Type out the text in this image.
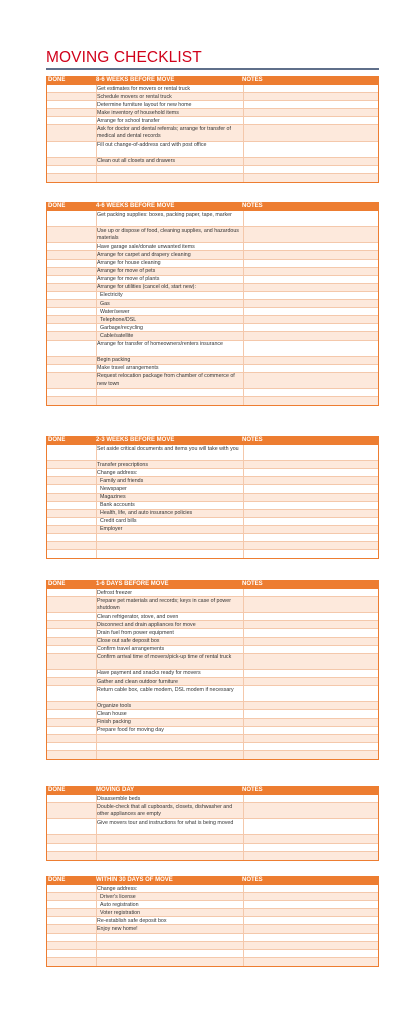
MOVING CHECKLIST
DONE	8-6 WEEKS BEFORE MOVE	NOTES
Get estimates for movers or rental truck
Schedule movers or rental truck
Determine furniture layout for new home
Make inventory of household items
Arrange for school transfer
Ask for doctor and dental referrals; arrange for transfer of medical and dental records
Fill out change-of-address card with post office
Clean out all closets and drawers
DONE	4-6 WEEKS BEFORE MOVE	NOTES
Get packing supplies: boxes, packing paper, tape, marker
Use up or dispose of food, cleaning supplies, and hazardous materials
Have garage sale/donate unwanted items
Arrange for carpet and drapery cleaning
Arrange for house cleaning
Arrange for move of pets
Arrange for move of plants
Arrange for utilities (cancel old, start new):
Electricity
Gas
Water/sewer
Telephone/DSL
Garbage/recycling
Cable/satellite
Arrange for transfer of homeowners/renters insurance
Begin packing
Make travel arrangements
Request relocation package from chamber of commerce of new town
DONE	2-3 WEEKS BEFORE MOVE	NOTES
Set aside critical documents and items you will take with you
Transfer prescriptions
Change address:
Family and friends
Newspaper
Magazines
Bank accounts
Health, life, and auto insurance policies
Credit card bills
Employer
DONE	1-6 DAYS BEFORE MOVE	NOTES
Defrost freezer
Prepare pet materials and records; keys in case of power shutdown
Clean refrigerator, stove, and oven
Disconnect and drain appliances for move
Drain fuel from power equipment
Close out safe deposit box
Confirm travel arrangements
Confirm arrival time of movers/pick-up time of rental truck
Have payment and snacks ready for movers
Gather and clean outdoor furniture
Return cable box, cable modem, DSL modem if necessary
Organize tools
Clean house
Finish packing
Prepare food for moving day
DONE	MOVING DAY	NOTES
Disassemble beds
Double-check that all cupboards, closets, dishwasher and other appliances are empty
Give movers tour and instructions for what is being moved
DONE	WITHIN 30 DAYS OF MOVE	NOTES
Change address:
Driver's license
Auto registration
Voter registration
Re-establish safe deposit box
Enjoy new home!
